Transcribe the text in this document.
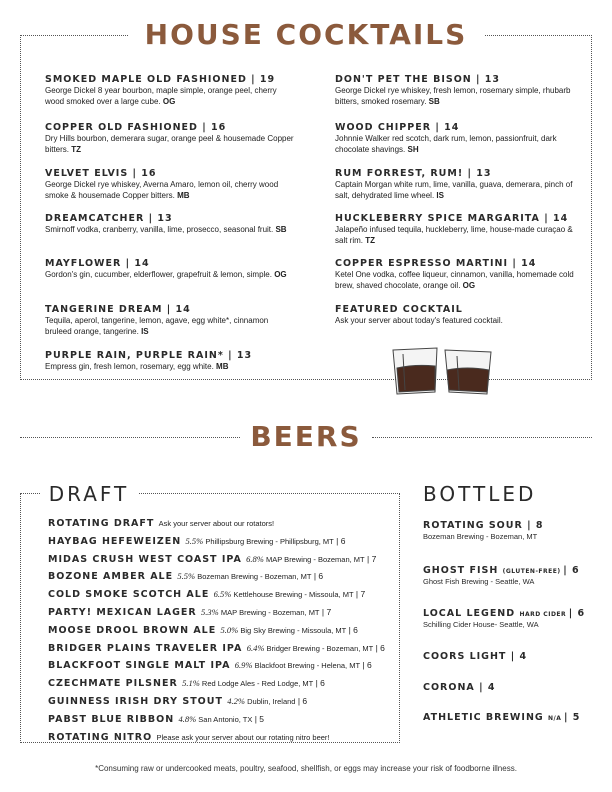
HOUSE COCKTAILS
SMOKED MAPLE OLD FASHIONED | 19
George Dickel 8 year bourbon, maple simple, orange peel, cherry wood smoked over a large cube. OG
COPPER OLD FASHIONED | 16
Dry Hills bourbon, demerara sugar, orange peel & housemade Copper bitters. TZ
VELVET ELVIS | 16
George Dickel rye whiskey, Averna Amaro, lemon oil, cherry wood smoke & housemade Copper bitters. MB
DREAMCATCHER | 13
Smirnoff vodka, cranberry, vanilla, lime, prosecco, seasonal fruit. SB
MAYFLOWER | 14
Gordon's gin, cucumber, elderflower, grapefruit & lemon, simple. OG
TANGERINE DREAM | 14
Tequila, aperol, tangerine, lemon, agave, egg white*, cinnamon bruleed orange, tangerine. IS
PURPLE RAIN, PURPLE RAIN* | 13
Empress gin, fresh lemon, rosemary, egg white. MB
DON'T PET THE BISON | 13
George Dickel rye whiskey, fresh lemon, rosemary simple, rhubarb bitters, smoked rosemary. SB
WOOD CHIPPER | 14
Johnnie Walker red scotch, dark rum, lemon, passionfruit, dark chocolate shavings. SH
RUM FORREST, RUM! | 13
Captain Morgan white rum, lime, vanilla, guava, demerara, pinch of salt, dehydrated lime wheel. IS
HUCKLEBERRY SPICE MARGARITA | 14
Jalapeño infused tequila, huckleberry, lime, house-made curaçao & salt rim. TZ
COPPER ESPRESSO MARTINI | 14
Ketel One vodka, coffee liqueur, cinnamon, vanilla, homemade cold brew, shaved chocolate, orange oil. OG
FEATURED COCKTAIL
Ask your server about today's featured cocktail.
BEERS
DRAFT
ROTATING DRAFT Ask your server about our rotators!
HAYBAG HEFEWEIZEN 5.5% Phillipsburg Brewing - Phillipsburg, MT | 6
MIDAS CRUSH WEST COAST IPA 6.8% MAP Brewing - Bozeman, MT | 7
BOZONE AMBER ALE 5.5% Bozeman Brewing - Bozeman, MT | 6
COLD SMOKE SCOTCH ALE 6.5% Kettlehouse Brewing - Missoula, MT | 7
PARTY! MEXICAN LAGER 5.3% MAP Brewing - Bozeman, MT | 7
MOOSE DROOL BROWN ALE 5.0% Big Sky Brewing - Missoula, MT | 6
BRIDGER PLAINS TRAVELER IPA 6.4% Bridger Brewing - Bozeman, MT | 6
BLACKFOOT SINGLE MALT IPA 6.9% Blackfoot Brewing - Helena, MT | 6
CZECHMATE PILSNER 5.1% Red Lodge Ales - Red Lodge, MT | 6
GUINNESS IRISH DRY STOUT 4.2% Dublin, Ireland | 6
PABST BLUE RIBBON 4.8% San Antonio, TX | 5
ROTATING NITRO Please ask your server about our rotating nitro beer!
BOTTLED
ROTATING SOUR | 8
Bozeman Brewing - Bozeman, MT
GHOST FISH (GLUTEN-FREE) | 6
Ghost Fish Brewing - Seattle, WA
LOCAL LEGEND HARD CIDER | 6
Schilling Cider House- Seattle, WA
COORS LIGHT | 4
CORONA | 4
ATHLETIC BREWING N/A | 5
*Consuming raw or undercooked meats, poultry, seafood, shellfish, or eggs may increase your risk of foodborne illness.
